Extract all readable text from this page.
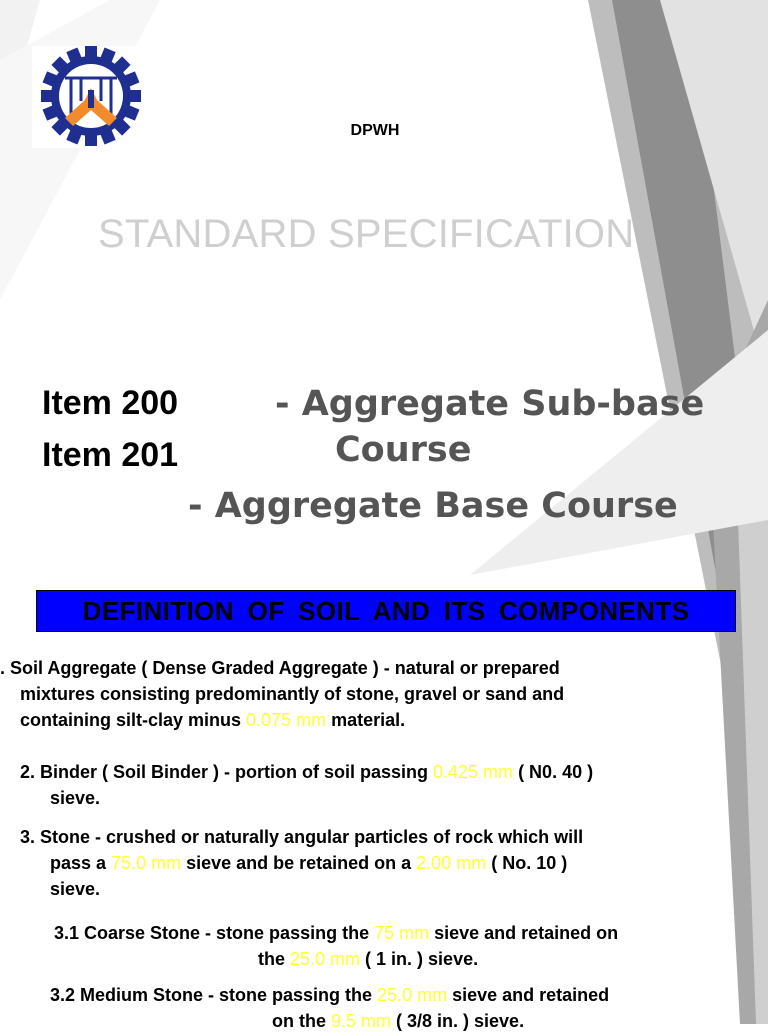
DPWH
STANDARD SPECIFICATION
Item 200
Item 201
- Aggregate Sub-base
Course
- Aggregate Base Course
DEFINITION OF SOIL AND ITS COMPONENTS
. Soil Aggregate ( Dense Graded Aggregate ) - natural or prepared
mixtures consisting predominantly of stone, gravel or sand and
containing silt-clay minus 0.075 mm material.
2. Binder ( Soil Binder ) - portion of soil passing 0.425 mm ( N0. 40 )
sieve.
3. Stone - crushed or naturally angular particles of rock which will
pass a 75.0 mm sieve and be retained on a 2.00 mm ( No. 10 )
sieve.
3.1 Coarse Stone - stone passing the 75 mm sieve and retained on
the 25.0 mm ( 1 in. ) sieve.
3.2 Medium Stone - stone passing the 25.0 mm sieve and retained
on the 9.5 mm ( 3/8 in. ) sieve.
